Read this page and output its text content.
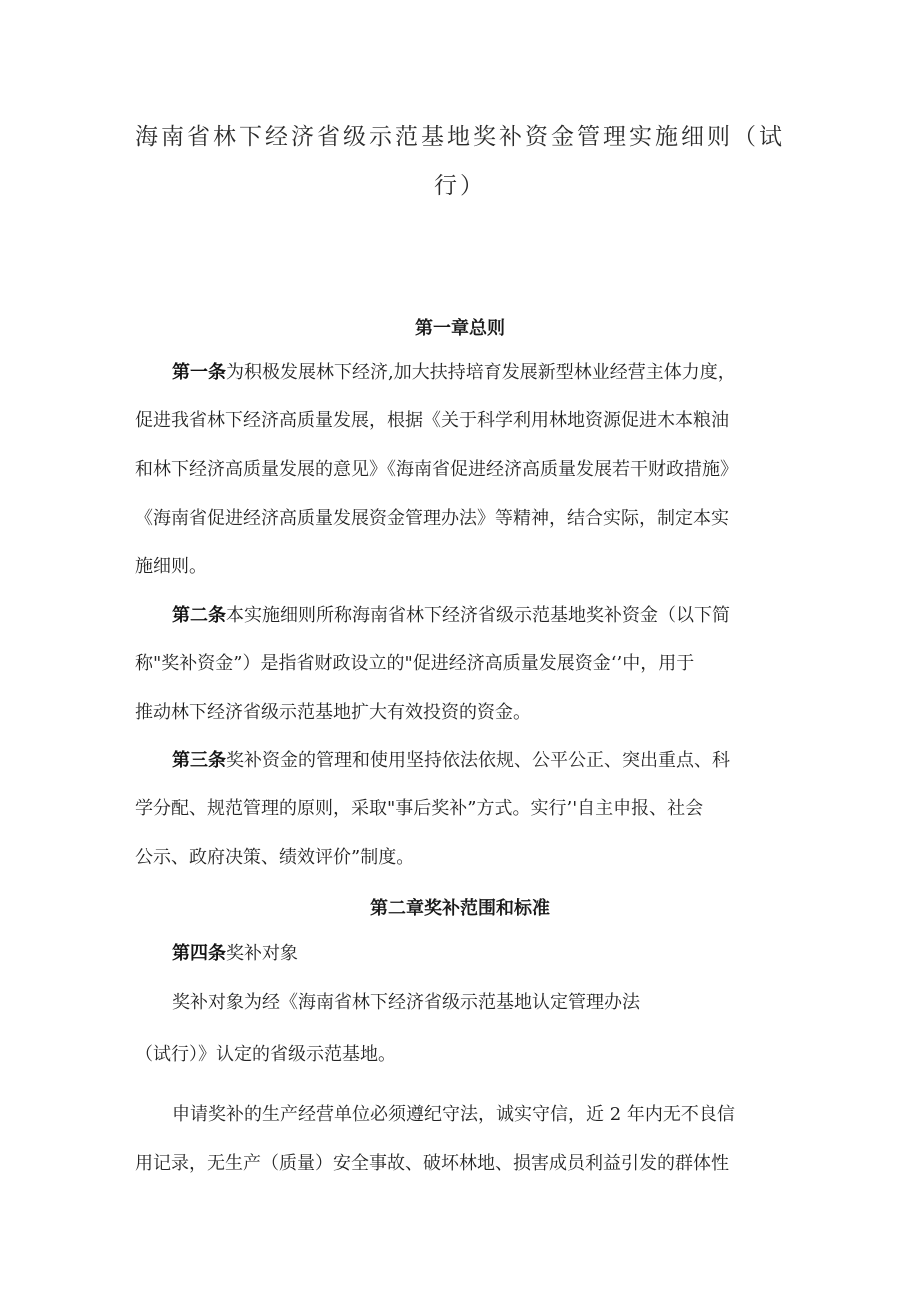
海南省林下经济省级示范基地奖补资金管理实施细则（试
行）
第一章总则
第一条为积极发展林下经济,加大扶持培育发展新型林业经营主体力度，
促进我省林下经济高质量发展，根据《关于科学利用林地资源促进木本粮油
和林下经济高质量发展的意见》《海南省促进经济高质量发展若干财政措施》
《海南省促进经济高质量发展资金管理办法》等精神，结合实际，制定本实
施细则。
第二条本实施细则所称海南省林下经济省级示范基地奖补资金（以下简
称"奖补资金”）是指省财政设立的"促进经济高质量发展资金‘’中，用于
推动林下经济省级示范基地扩大有效投资的资金。
第三条奖补资金的管理和使用坚持依法依规、公平公正、突出重点、科
学分配、规范管理的原则，采取"事后奖补”方式。实行’'自主申报、社会
公示、政府决策、绩效评价”制度。
第二章奖补范围和标准
第四条奖补对象
奖补对象为经《海南省林下经济省级示范基地认定管理办法
（试行）》认定的省级示范基地。
申请奖补的生产经营单位必须遵纪守法，诚实守信，近 2 年内无不良信
用记录，无生产（质量）安全事故、破坏林地、损害成员利益引发的群体性
